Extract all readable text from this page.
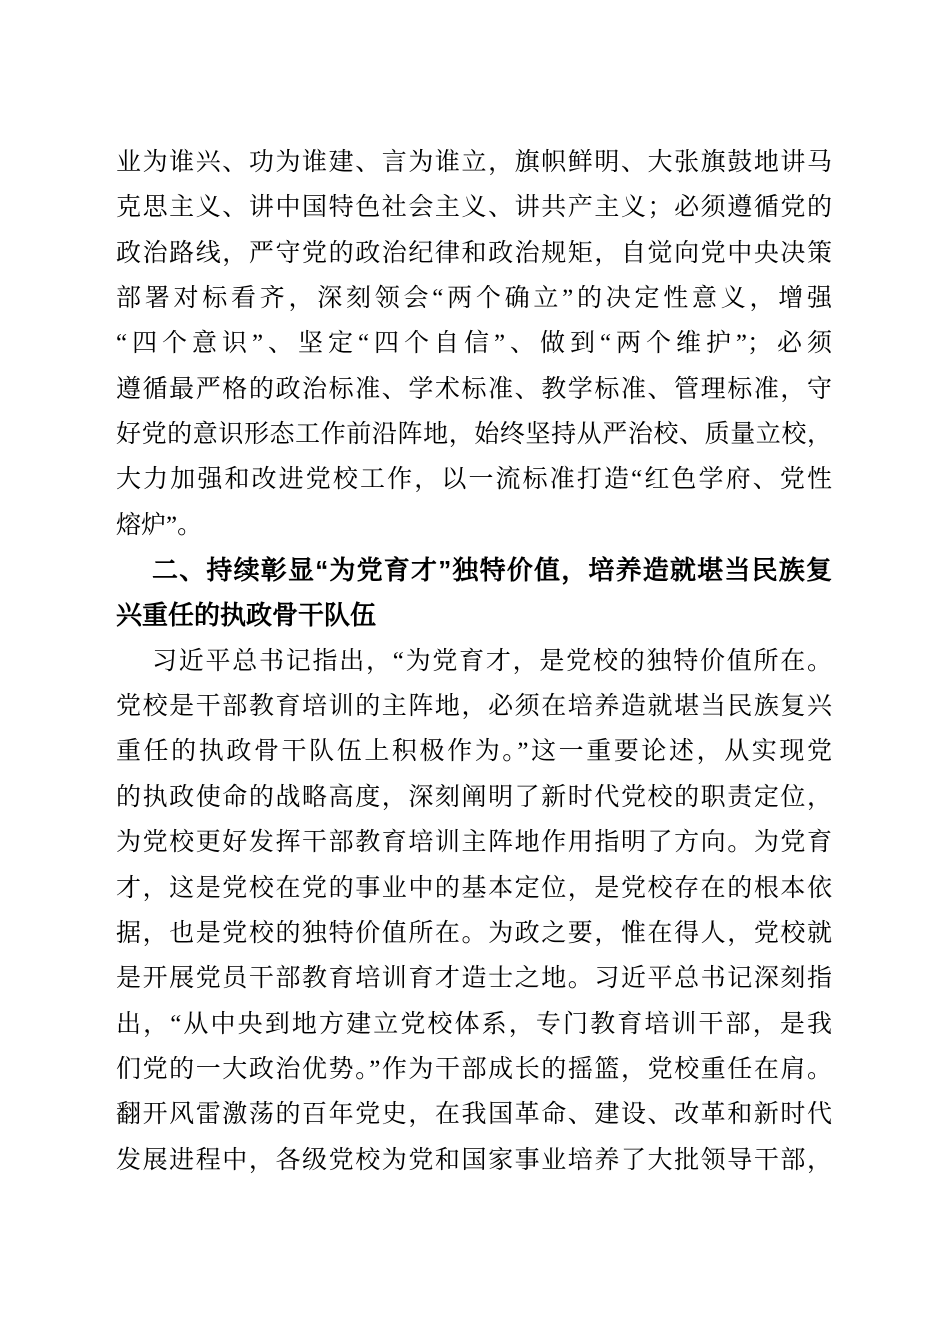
业为谁兴、功为谁建、言为谁立，旗帜鲜明、大张旗鼓地讲马
克思主义、讲中国特色社会主义、讲共产主义；必须遵循党的
政治路线，严守党的政治纪律和政治规矩，自觉向党中央决策
部署对标看齐，深刻领会“两个确立”的决定性意义，增强
“四个意识”、坚定“四个自信”、做到“两个维护”；必须
遵循最严格的政治标准、学术标准、教学标准、管理标准，守
好党的意识形态工作前沿阵地，始终坚持从严治校、质量立校，
大力加强和改进党校工作，以一流标准打造“红色学府、党性
熔炉”。
二、持续彰显“为党育才”独特价值，培养造就堪当民族复
兴重任的执政骨干队伍
习近平总书记指出，“为党育才，是党校的独特价值所在。
党校是干部教育培训的主阵地，必须在培养造就堪当民族复兴
重任的执政骨干队伍上积极作为。”这一重要论述，从实现党
的执政使命的战略高度，深刻阐明了新时代党校的职责定位，
为党校更好发挥干部教育培训主阵地作用指明了方向。为党育
才，这是党校在党的事业中的基本定位，是党校存在的根本依
据，也是党校的独特价值所在。为政之要，惟在得人，党校就
是开展党员干部教育培训育才造士之地。习近平总书记深刻指
出，“从中央到地方建立党校体系，专门教育培训干部，是我
们党的一大政治优势。”作为干部成长的摇篮，党校重任在肩。
翻开风雷激荡的百年党史，在我国革命、建设、改革和新时代
发展进程中，各级党校为党和国家事业培养了大批领导干部，
